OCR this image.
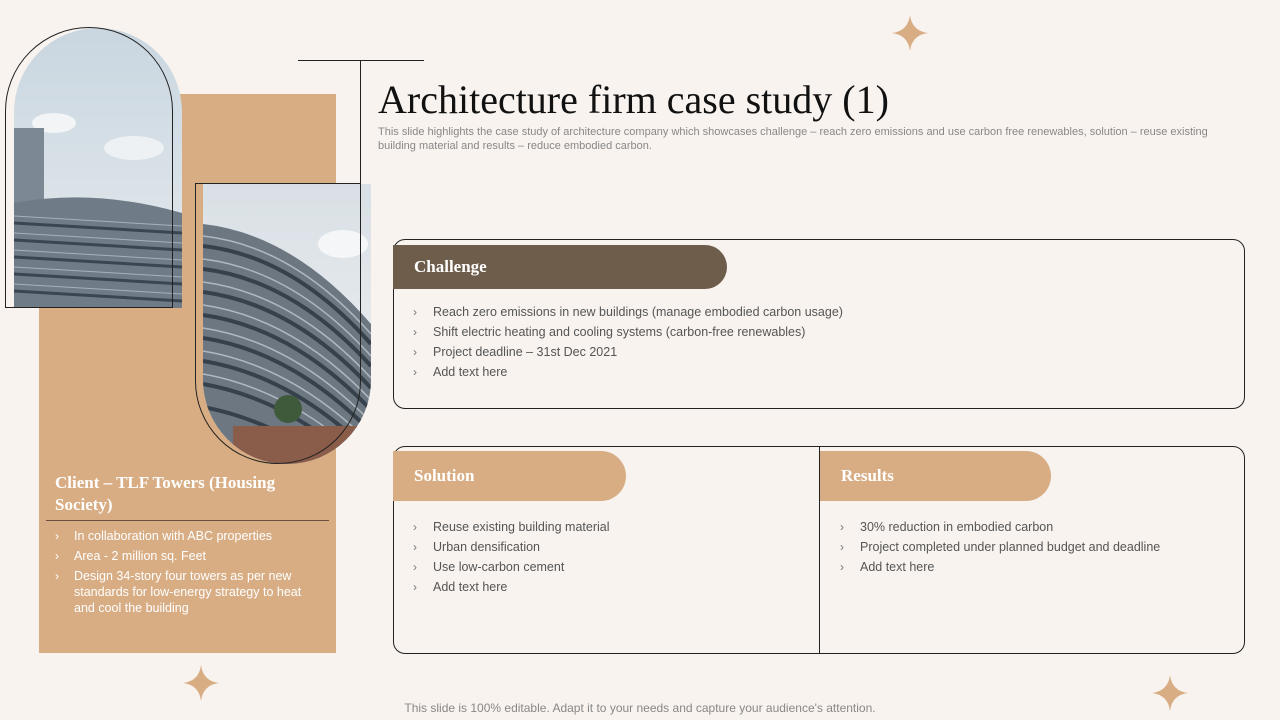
Client – TLF Towers (Housing Society)
› In collaboration with ABC properties
› Area - 2 million sq. Feet
› Design 34-story four towers as per new standards for low-energy strategy to heat and cool the building
Architecture firm case study (1)
This slide highlights the case study of architecture company which showcases challenge – reach zero emissions and use carbon free renewables, solution – reuse existing building material and results – reduce embodied carbon.
Challenge
› Reach zero emissions in new buildings (manage embodied carbon usage)
› Shift electric heating and cooling systems (carbon-free renewables)
› Project deadline – 31st Dec 2021
› Add text here
Solution
› Reuse existing building material
› Urban densification
› Use low-carbon cement
› Add text here
Results
› 30% reduction in embodied carbon
› Project completed under planned budget and deadline
› Add text here
This slide is 100% editable. Adapt it to your needs and capture your audience's attention.
